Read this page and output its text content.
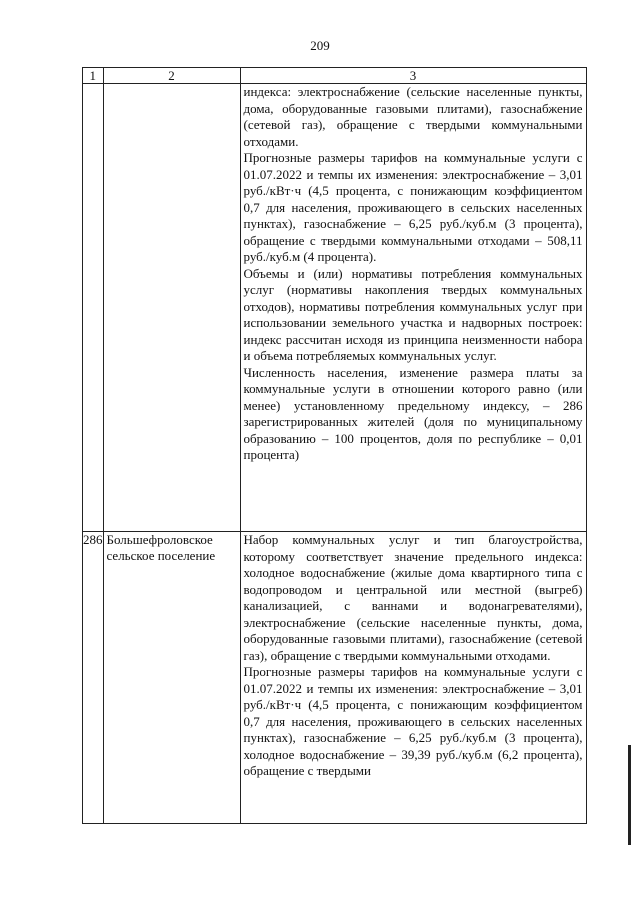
209
1	2	3

		индекса: электроснабжение (сельские населенные пункты, дома, оборудованные газовыми плитами), газоснабжение (сетевой газ), обращение с твердыми коммунальными отходами.
Прогнозные размеры тарифов на коммунальные услуги с 01.07.2022 и темпы их изменения: электроснабжение – 3,01 руб./кВт·ч (4,5 процента, с понижающим коэффициентом 0,7 для населения, проживающего в сельских населенных пунктах), газоснабжение – 6,25 руб./куб.м (3 процента), обращение с твердыми коммунальными отходами – 508,11 руб./куб.м (4 процента).
Объемы и (или) нормативы потребления коммунальных услуг (нормативы накопления твердых коммунальных отходов), нормативы потребления коммунальных услуг при использовании земельного участка и надворных построек: индекс рассчитан исходя из принципа неизменности набора и объема потребляемых коммунальных услуг.
Численность населения, изменение размера платы за коммунальные услуги в отношении которого равно (или менее) установленному предельному индексу, – 286 зарегистрированных жителей (доля по муниципальному образованию – 100 процентов, доля по республике – 0,01 процента)

286	Большефроловское сельское поселение	Набор коммунальных услуг и тип благоустройства, которому соответствует значение предельного индекса: холодное водоснабжение (жилые дома квартирного типа с водопроводом и центральной или местной (выгреб) канализацией, с ваннами и водонагревателями), электроснабжение (сельские населенные пункты, дома, оборудованные газовыми плитами), газоснабжение (сетевой газ), обращение с твердыми коммунальными отходами.
Прогнозные размеры тарифов на коммунальные услуги с 01.07.2022 и темпы их изменения: электроснабжение – 3,01 руб./кВт·ч (4,5 процента, с понижающим коэффициентом 0,7 для населения, проживающего в сельских населенных пунктах), газоснабжение – 6,25 руб./куб.м (3 процента), холодное водоснабжение – 39,39 руб./куб.м (6,2 процента), обращение с твердыми
